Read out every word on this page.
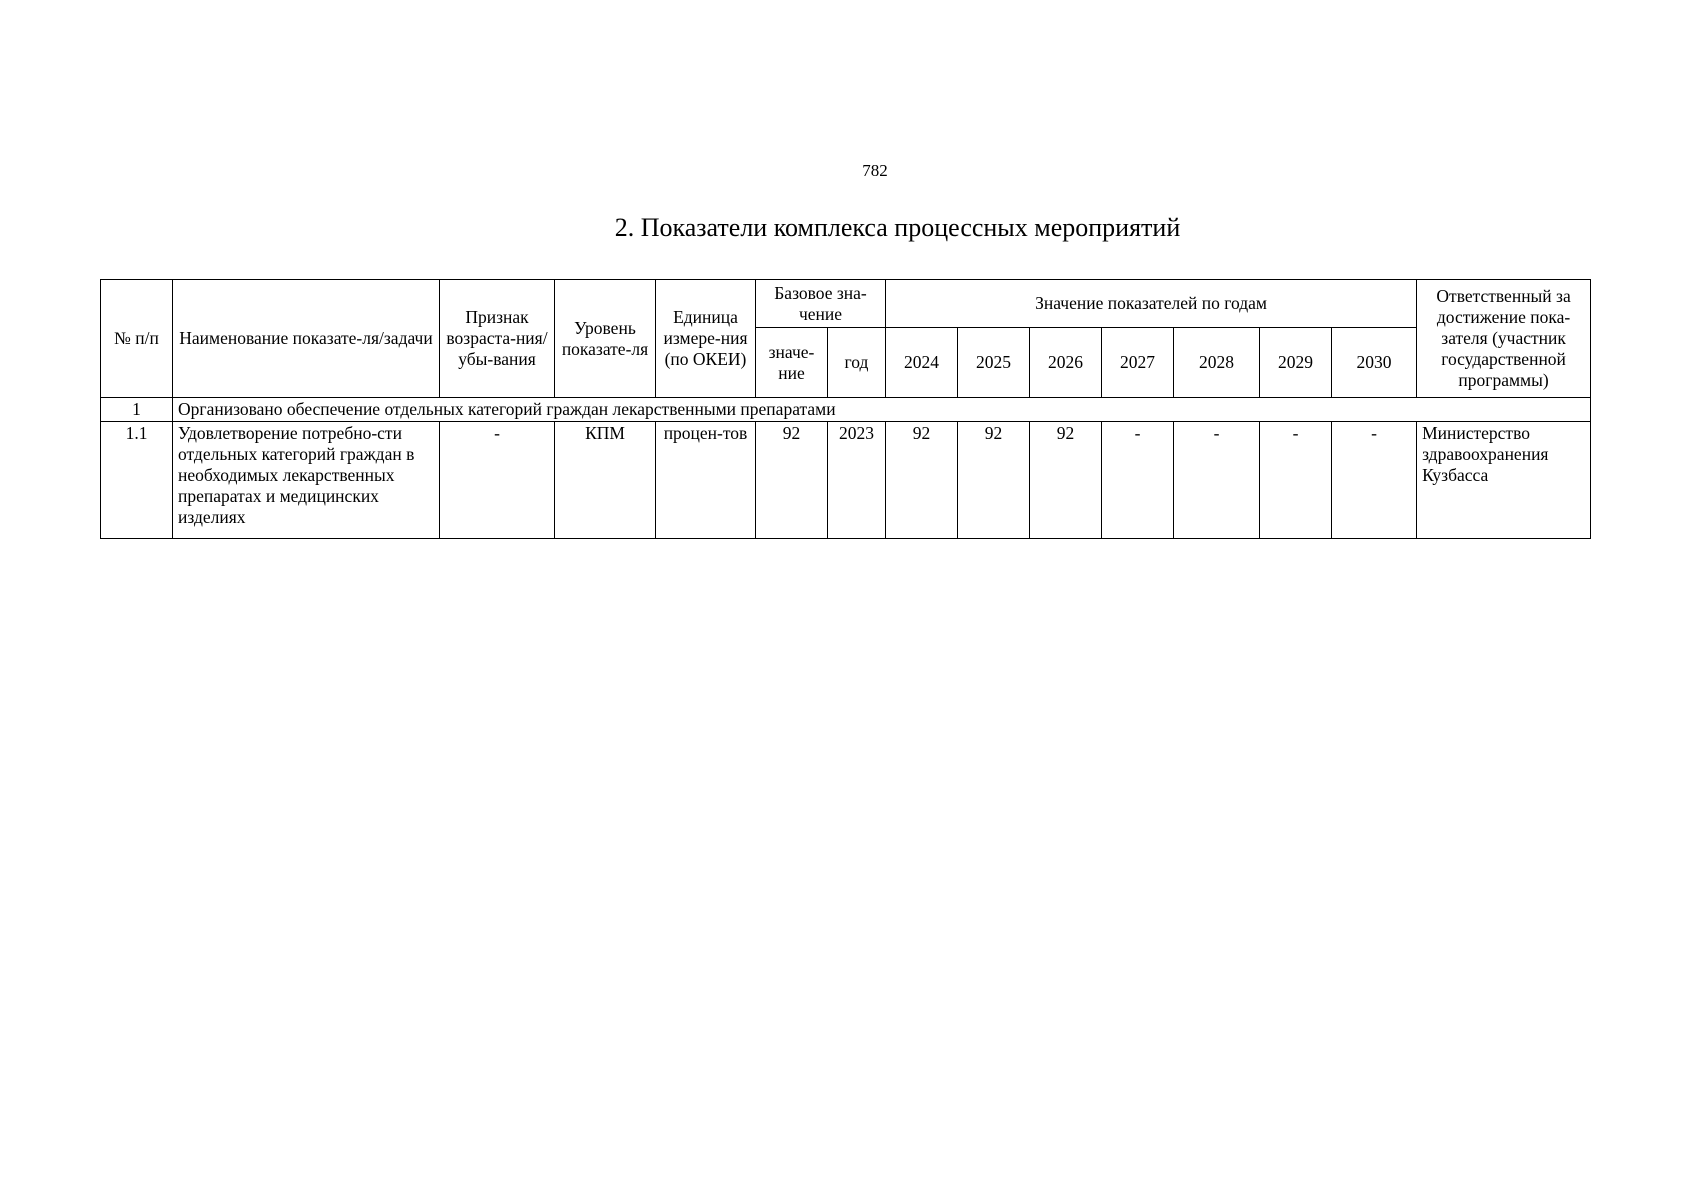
782
2. Показатели комплекса процессных мероприятий
№ п/п	Наименование показате-ля/задачи	Признак возраста-ния/ убы-вания	Уровень показате-ля	Единица измере-ния (по ОКЕИ)	Базовое зна-чение		Значение показателей по годам							Ответственный за достижение пока-зателя (участник государственной программы)
					значе-ние	год	2024	2025	2026	2027	2028	2029	2030	
1	Организовано обеспечение отдельных категорий граждан лекарственными препаратами													
1.1	Удовлетворение потребно-сти отдельных категорий граждан в необходимых лекарственных препаратах и медицинских изделиях	-	КПМ	процен-тов	92	2023	92	92	92	-	-	-	-	Министерство здравоохранения Кузбасса
